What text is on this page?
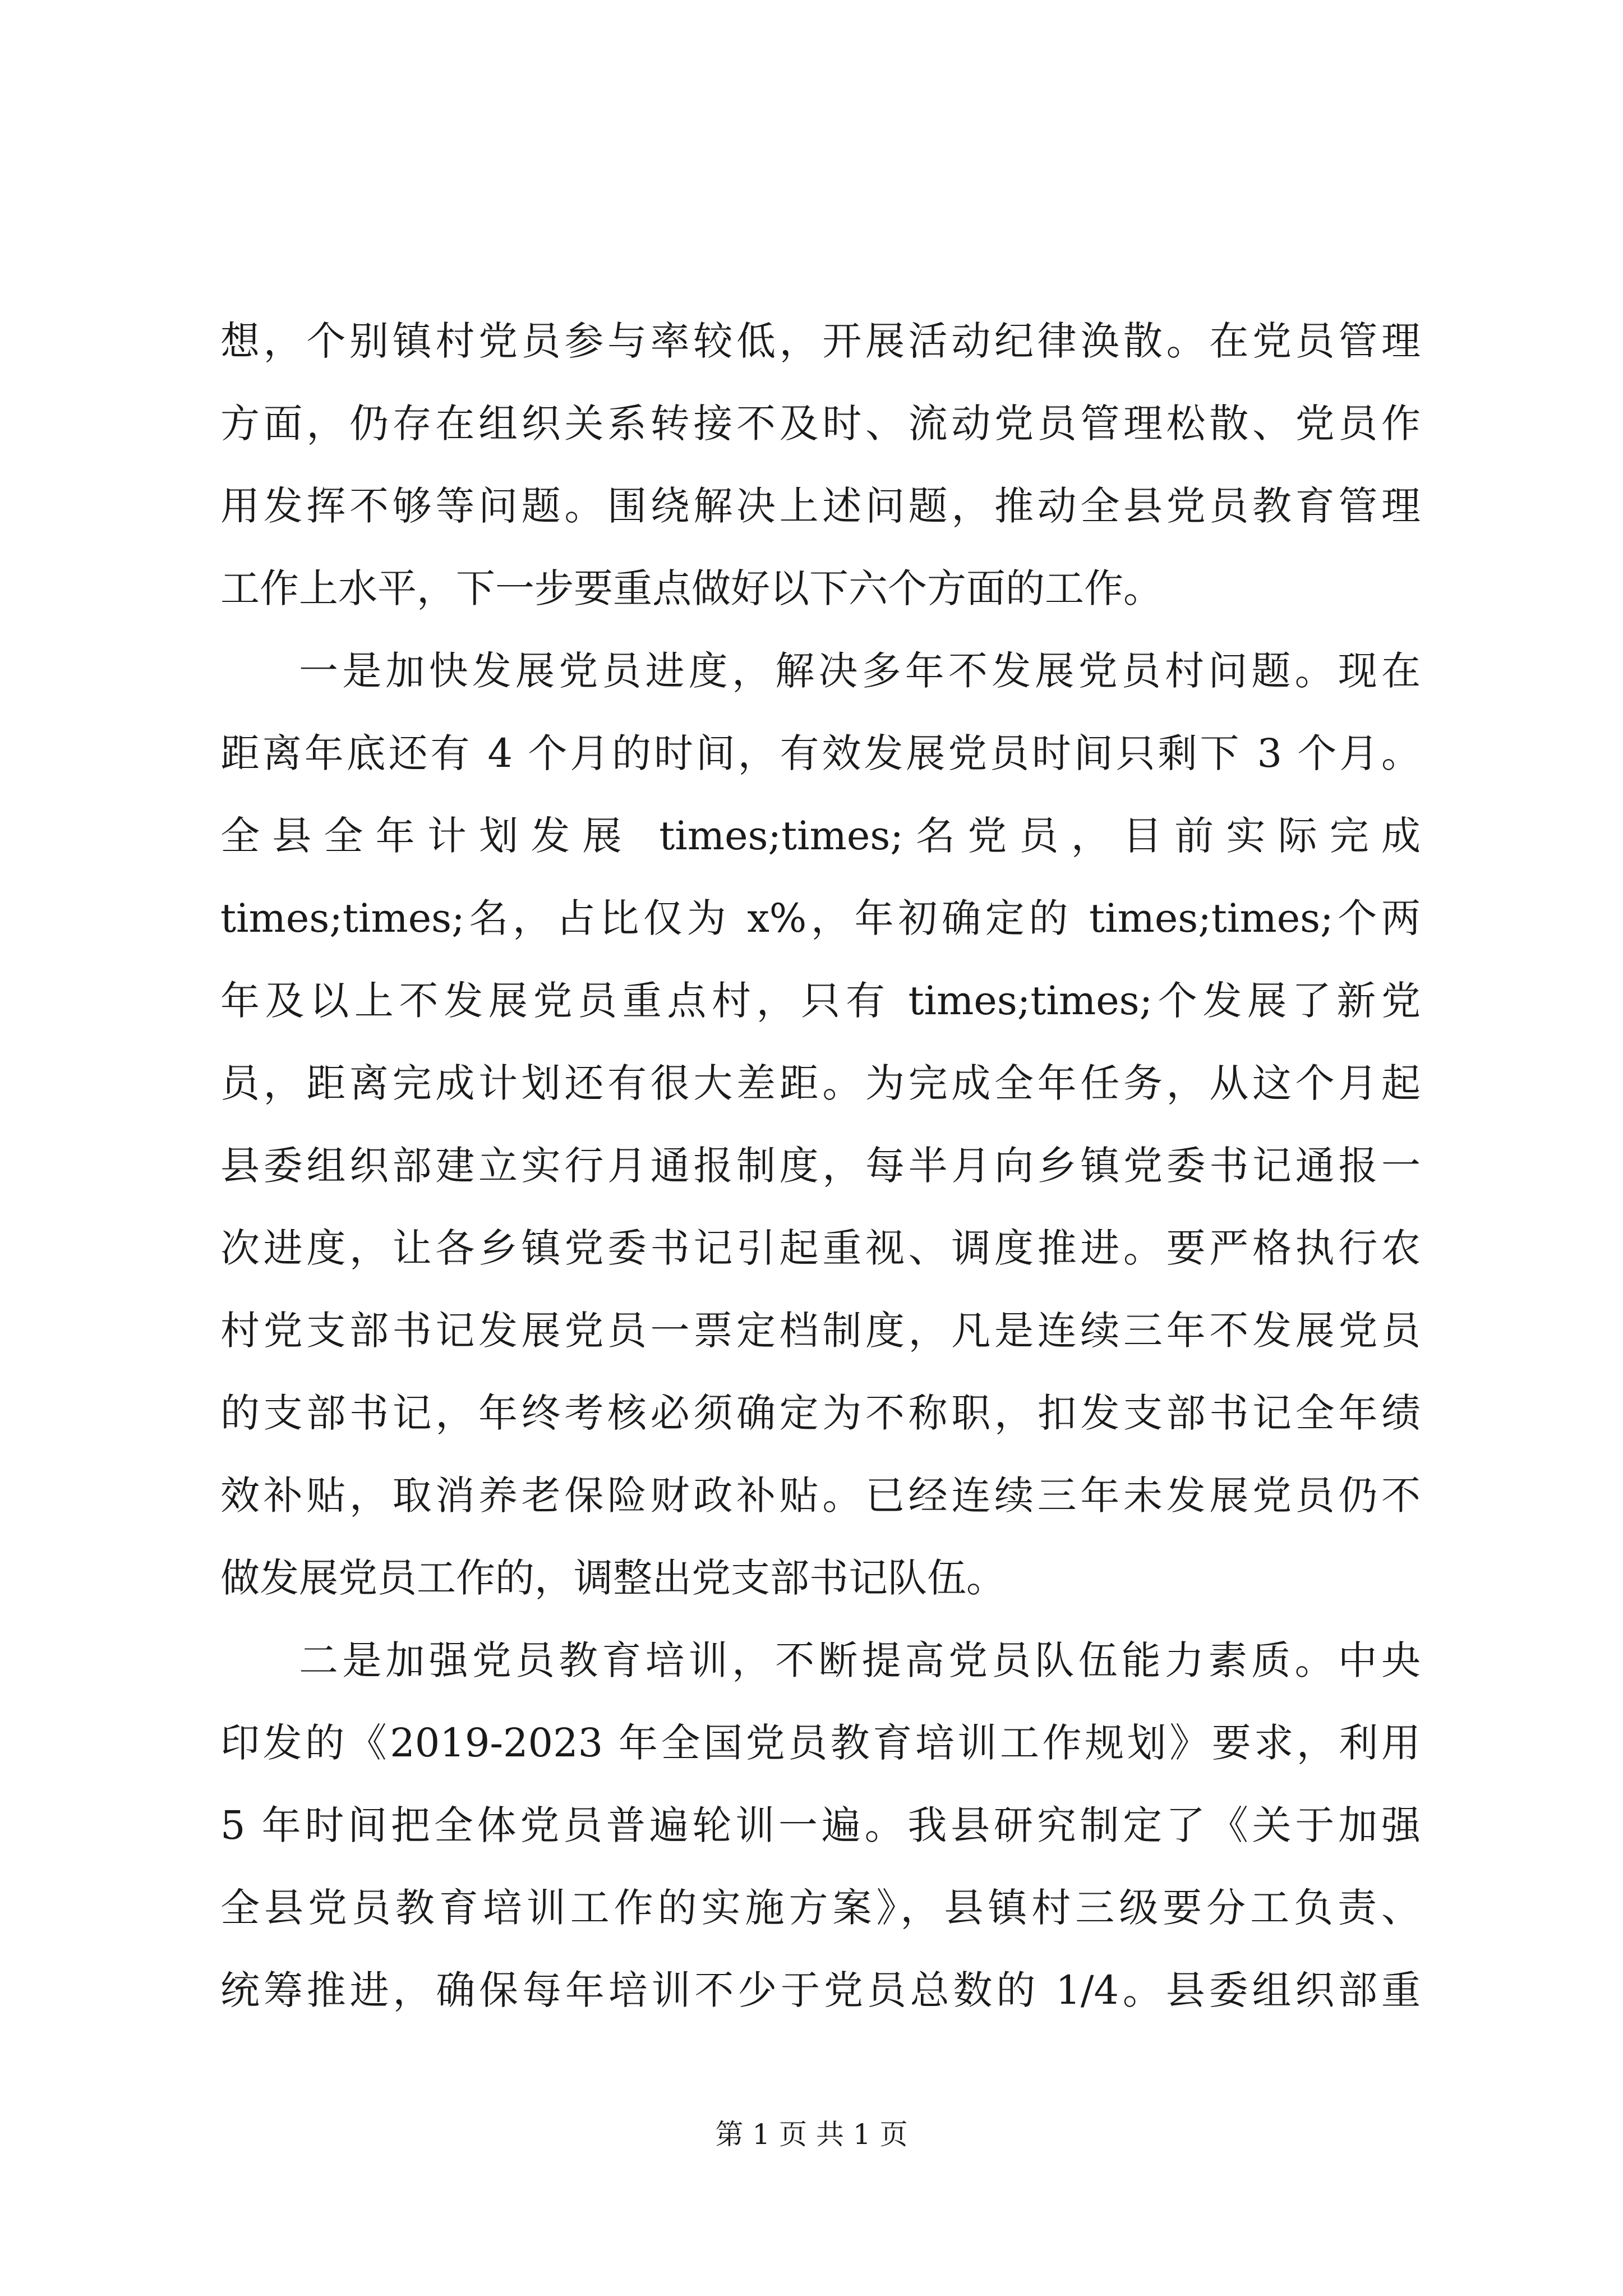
想，个别镇村党员参与率较低，开展活动纪律涣散。在党员管理
方面，仍存在组织关系转接不及时、流动党员管理松散、党员作
用发挥不够等问题。围绕解决上述问题，推动全县党员教育管理
工作上水平，下一步要重点做好以下六个方面的工作。
一是加快发展党员进度，解决多年不发展党员村问题。现在
距离年底还有 4 个月的时间，有效发展党员时间只剩下 3 个月。
全县全年计划发展 times;times;名党员，目前实际完成
times;times;名，占比仅为 x%，年初确定的 times;times;个两
年及以上不发展党员重点村，只有 times;times;个发展了新党
员，距离完成计划还有很大差距。为完成全年任务，从这个月起
县委组织部建立实行月通报制度，每半月向乡镇党委书记通报一
次进度，让各乡镇党委书记引起重视、调度推进。要严格执行农
村党支部书记发展党员一票定档制度，凡是连续三年不发展党员
的支部书记，年终考核必须确定为不称职，扣发支部书记全年绩
效补贴，取消养老保险财政补贴。已经连续三年未发展党员仍不
做发展党员工作的，调整出党支部书记队伍。
二是加强党员教育培训，不断提高党员队伍能力素质。中央
印发的《2019-2023 年全国党员教育培训工作规划》要求，利用
5 年时间把全体党员普遍轮训一遍。我县研究制定了《关于加强
全县党员教育培训工作的实施方案》，县镇村三级要分工负责、
统筹推进，确保每年培训不少于党员总数的 1/4。县委组织部重
第 1 页 共 1 页
